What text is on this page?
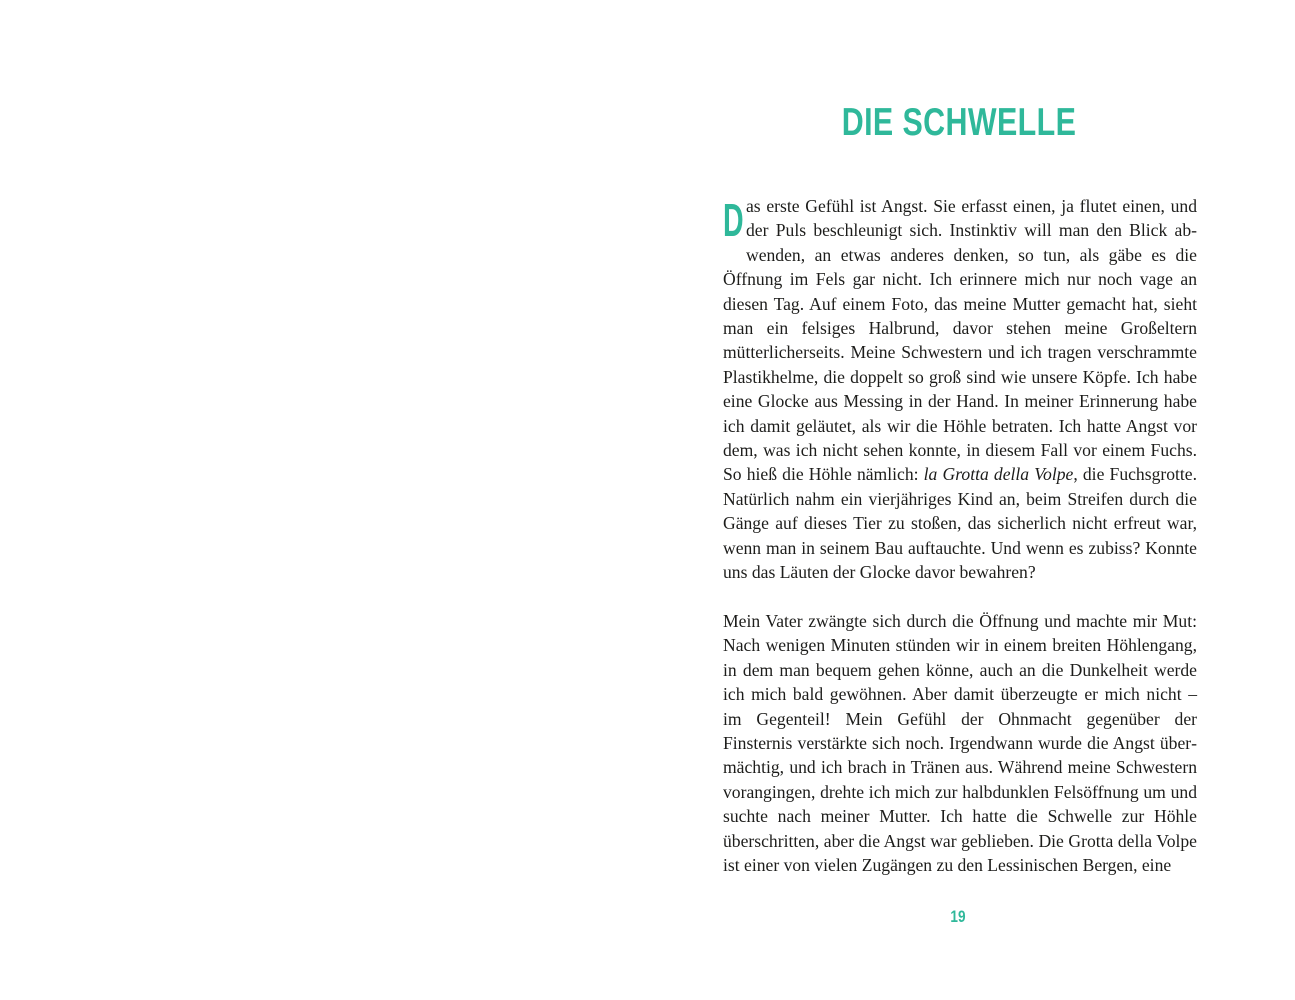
DIE SCHWELLE

Das erste Gefühl ist Angst. Sie erfasst einen, ja flutet einen, und der Puls beschleunigt sich. Instinktiv will man den Blick abwenden, an etwas anderes denken, so tun, als gäbe es die Öffnung im Fels gar nicht. Ich erinnere mich nur noch vage an diesen Tag. Auf einem Foto, das meine Mutter gemacht hat, sieht man ein felsiges Halbrund, davor stehen meine Großeltern mütterlicherseits. Meine Schwestern und ich tragen verschrammte Plastikhelme, die doppelt so groß sind wie unsere Köpfe. Ich habe eine Glocke aus Messing in der Hand. In meiner Erinnerung habe ich damit geläutet, als wir die Höhle betraten. Ich hatte Angst vor dem, was ich nicht sehen konnte, in diesem Fall vor einem Fuchs. So hieß die Höhle nämlich: la Grotta della Volpe, die Fuchsgrotte. Natürlich nahm ein vierjähriges Kind an, beim Streifen durch die Gänge auf dieses Tier zu stoßen, das sicherlich nicht erfreut war, wenn man in seinem Bau auftauchte. Und wenn es zubiss? Konnte uns das Läuten der Glocke davor bewahren?

Mein Vater zwängte sich durch die Öffnung und machte mir Mut: Nach wenigen Minuten stünden wir in einem breiten Höhlengang, in dem man bequem gehen könne, auch an die Dunkelheit werde ich mich bald gewöhnen. Aber damit überzeugte er mich nicht – im Gegenteil! Mein Gefühl der Ohnmacht gegenüber der Finsternis verstärkte sich noch. Irgendwann wurde die Angst übermächtig, und ich brach in Tränen aus. Während meine Schwestern vorangingen, drehte ich mich zur halbdunklen Felsöffnung um und suchte nach meiner Mutter. Ich hatte die Schwelle zur Höhle überschritten, aber die Angst war geblieben. Die Grotta della Volpe ist einer von vielen Zugängen zu den Lessinischen Bergen, eine

19
